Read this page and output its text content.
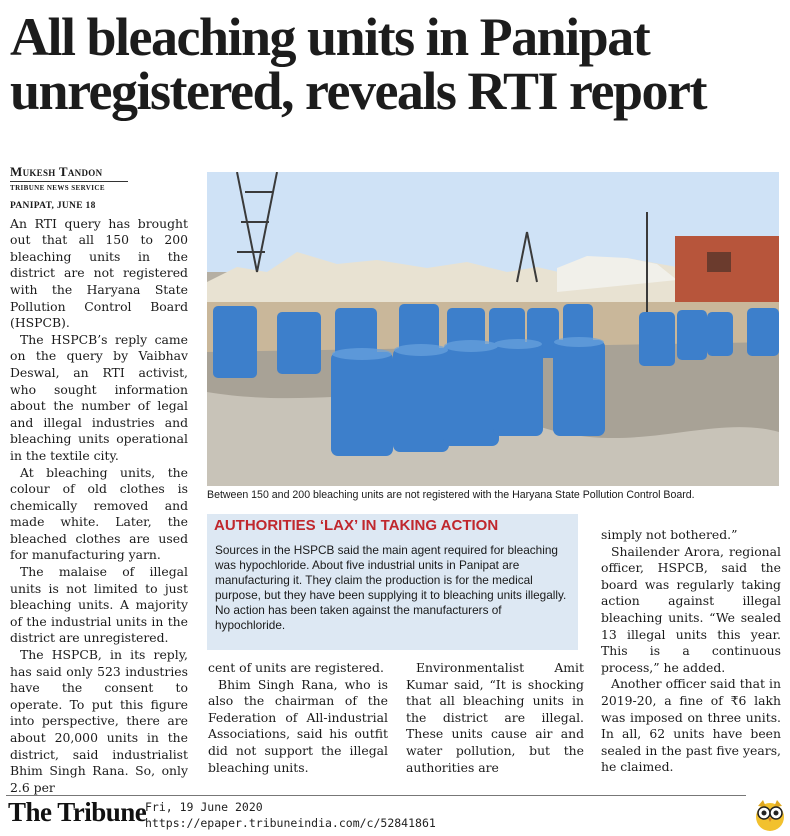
All bleaching units in Panipat unregistered, reveals RTI report
Mukesh Tandon
TRIBUNE NEWS SERVICE
PANIPAT, JUNE 18

An RTI query has brought out that all 150 to 200 bleaching units in the district are not registered with the Haryana State Pollution Control Board (HSPCB).

The HSPCB’s reply came on the query by Vaibhav Deswal, an RTI activist, who sought information about the number of legal and illegal industries and bleaching units operational in the textile city.

At bleaching units, the colour of old clothes is chemically removed and made white. Later, the bleached clothes are used for manufacturing yarn.

The malaise of illegal units is not limited to just bleaching units. A majority of the industrial units in the district are unregistered.

The HSPCB, in its reply, has said only 523 industries have the consent to operate. To put this figure into perspective, there are about 20,000 units in the district, said industrialist Bhim Singh Rana. So, only 2.6 per

Between 150 and 200 bleaching units are not registered with the Haryana State Pollution Control Board.
AUTHORITIES ‘LAX’ IN TAKING ACTION
Sources in the HSPCB said the main agent required for bleaching was hypochloride. About five industrial units in Panipat are manufacturing it. They claim the production is for the medical purpose, but they have been supplying it to bleaching units illegally. No action has been taken against the manufacturers of hypochloride.

cent of units are registered.

Bhim Singh Rana, who is also the chairman of the Federation of All-industrial Associations, said his outfit did not support the illegal bleaching units.

Environmentalist Amit Kumar said, “It is shocking that all bleaching units in the district are illegal. These units cause air and water pollution, but the authorities are

simply not bothered.”

Shailender Arora, regional officer, HSPCB, said the board was regularly taking action against illegal bleaching units. “We sealed 13 illegal units this year. This is a continuous process,” he added.

Another officer said that in 2019-20, a fine of ₹6 lakh was imposed on three units. In all, 62 units have been sealed in the past five years, he claimed.

The Tribune
Fri, 19 June 2020
https://epaper.tribuneindia.com/c/52841861
